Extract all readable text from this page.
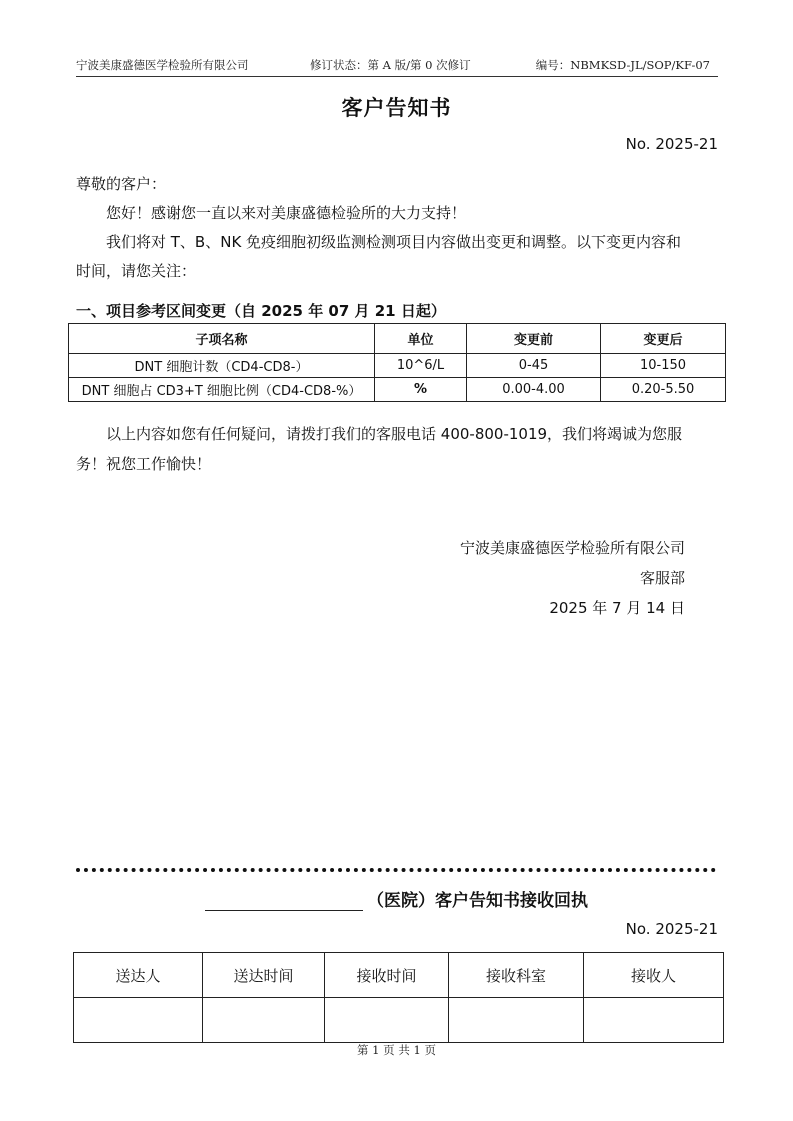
宁波美康盛德医学检验所有限公司	修订状态：第 A 版/第 0 次修订	编号：NBMKSD-JL/SOP/KF-07
客户告知书
No. 2025-21
尊敬的客户：
您好！感谢您一直以来对美康盛德检验所的大力支持！
我们将对 T、B、NK 免疫细胞初级监测检测项目内容做出变更和调整。以下变更内容和
时间，请您关注：
一、项目参考区间变更（自 2025 年 07 月 21 日起）
子项名称	单位	变更前	变更后
DNT 细胞计数（CD4-CD8-）	10^6/L	0-45	10-150
DNT 细胞占 CD3+T 细胞比例（CD4-CD8-%）	%	0.00-4.00	0.20-5.50
以上内容如您有任何疑问，请拨打我们的客服电话 400-800-1019，我们将竭诚为您服
务！祝您工作愉快！
宁波美康盛德医学检验所有限公司
客服部
2025 年 7 月 14 日
（医院）客户告知书接收回执
No. 2025-21
送达人	送达时间	接收时间	接收科室	接收人

第 1 页 共 1 页
